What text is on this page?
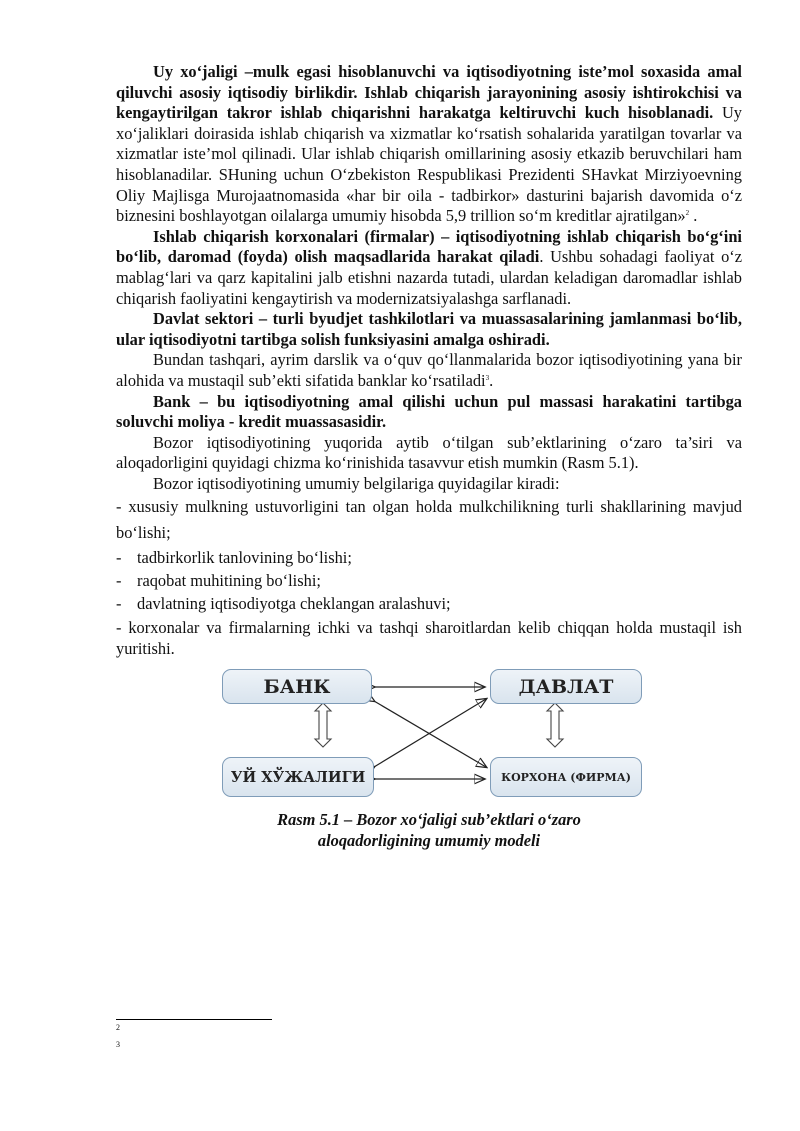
Uy xo‘jaligi –mulk egasi hisoblanuvchi va iqtisodiyotning iste’mol soxasida amal qiluvchi asosiy iqtisodiy birlikdir. Ishlab chiqarish jarayonining asosiy ishtirokchisi va kengaytirilgan takror ishlab chiqarishni harakatga keltiruvchi kuch hisoblanadi. Uy xo‘jaliklari doirasida ishlab chiqarish va xizmatlar ko‘rsatish sohalarida yaratilgan tovarlar va xizmatlar iste’mol qilinadi. Ular ishlab chiqarish omillarining asosiy etkazib beruvchilari ham hisoblanadilar. SHuning uchun O‘zbekiston Respublikasi Prezidenti SHavkat Mirziyoevning Oliy Majlisga Murojaatnomasida «har bir oila - tadbirkor» dasturini bajarish davomida o‘z biznesini boshlayotgan oilalarga umumiy hisobda 5,9 trillion so‘m kreditlar ajratilgan»$^2$ .

Ishlab chiqarish korxonalari (firmalar) – iqtisodiyotning ishlab chiqarish bo‘g‘ini bo‘lib, daromad (foyda) olish maqsadlarida harakat qiladi. Ushbu sohadagi faoliyat o‘z mablag‘lari va qarz kapitalini jalb etishni nazarda tutadi, ulardan keladigan daromadlar ishlab chiqarish faoliyatini kengaytirish va modernizatsiyalashga sarflanadi.

Davlat sektori – turli byudjet tashkilotlari va muassasalarining jamlanmasi bo‘lib, ular iqtisodiyotni tartibga solish funksiyasini amalga oshiradi.

Bundan tashqari, ayrim darslik va o‘quv qo‘llanmalarida bozor iqtisodiyotining yana bir alohida va mustaqil sub’ekti sifatida banklar ko‘rsatiladi$^3$.

Bank – bu iqtisodiyotning amal qilishi uchun pul massasi harakatini tartibga soluvchi moliya - kredit muassasasidir.

Bozor iqtisodiyotining yuqorida aytib o‘tilgan sub’ektlarining o‘zaro ta’siri va aloqadorligini quyidagi chizma ko‘rinishida tasavvur etish mumkin (Rasm 5.1).

Bozor iqtisodiyotining umumiy belgilariga quyidagilar kiradi:

- xususiy mulkning ustuvorligini tan olgan holda mulkchilikning turli shakllarining mavjud bo‘lishi;
- tadbirkorlik tanlovining bo‘lishi;
- raqobat muhitining bo‘lishi;
- davlatning iqtisodiyotga cheklangan aralashuvi;
- korxonalar va firmalarning ichki va tashqi sharoitlardan kelib chiqqan holda mustaqil ish yuritishi.
БАНК	ДАВЛАТ
УЙ ХЎЖАЛИГИ	КОРХОНА (ФИРМА)
Rasm 5.1 – Bozor xo‘jaligi sub’ektlari o‘zaro
aloqadorligining umumiy modeli
2
3
